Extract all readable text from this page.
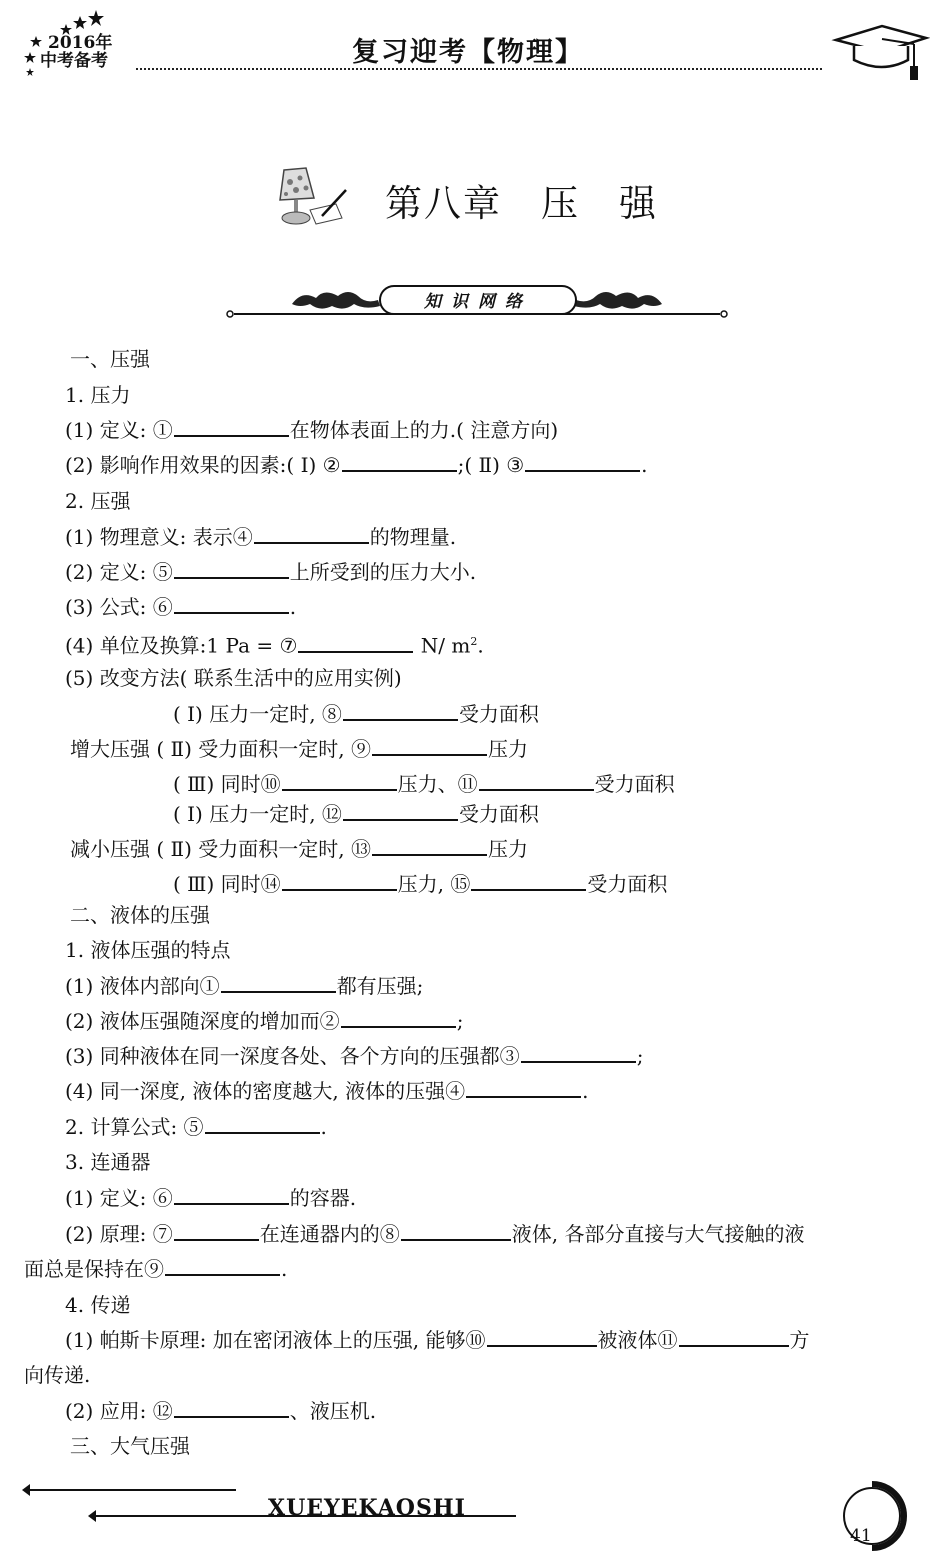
2016年
中考备考	复习迎考【物理】
第八章　压　强
知识网络
一、压强
1. 压力
(1) 定义: ①	在物体表面上的力.( 注意方向)
(2) 影响作用效果的因素:( Ⅰ) ②	;( Ⅱ) ③	.
2. 压强
(1) 物理意义: 表示④	的物理量.
(2) 定义: ⑤	上所受到的压力大小.
(3) 公式: ⑥	.
(4) 单位及换算:1 Pa = ⑦	N/ $m^2$.
(5) 改变方法( 联系生活中的应用实例)
( Ⅰ) 压力一定时, ⑧	受力面积
增大压强 ( Ⅱ) 受力面积一定时, ⑨	压力
( Ⅲ) 同时⑩	压力、⑪	受力面积
( Ⅰ) 压力一定时, ⑫	受力面积
减小压强 ( Ⅱ) 受力面积一定时, ⑬	压力
( Ⅲ) 同时⑭	压力, ⑮	受力面积
二、液体的压强
1. 液体压强的特点
(1) 液体内部向①	都有压强;
(2) 液体压强随深度的增加而②	;
(3) 同种液体在同一深度各处、各个方向的压强都③	;
(4) 同一深度, 液体的密度越大, 液体的压强④	.
2. 计算公式: ⑤	.
3. 连通器
(1) 定义: ⑥	的容器.
(2) 原理: ⑦	在连通器内的⑧	液体, 各部分直接与大气接触的液
面总是保持在⑨	.
4. 传递
(1) 帕斯卡原理: 加在密闭液体上的压强, 能够⑩	被液体⑪	方
向传递.
(2) 应用: ⑫	、液压机.
三、大气压强
XUEYEKAOSHI
41
